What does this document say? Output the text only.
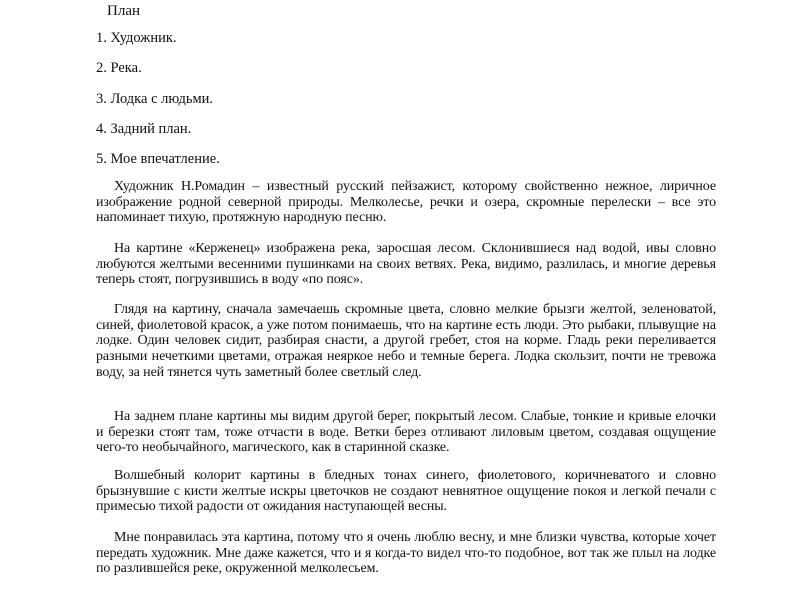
План

1. Художник.

2. Река.

3. Лодка с людьми.

4. Задний план.

5. Мое впечатление.

Художник Н.Ромадин – известный русский пейзажист, которому свойственно нежное, лиричное изображение родной северной природы. Мелколесье, речки и озера, скромные перелески – все это напоминает тихую, протяжную народную песню.

На картине «Керженец» изображена река, заросшая лесом. Склонившиеся над водой, ивы словно любуются желтыми весенними пушинками на своих ветвях. Река, видимо, разлилась, и многие деревья теперь стоят, погрузившись в воду «по пояс».

Глядя на картину, сначала замечаешь скромные цвета, словно мелкие брызги желтой, зеленоватой, синей, фиолетовой красок, а уже потом понимаешь, что на картине есть люди. Это рыбаки, плывущие на лодке. Один человек сидит, разбирая снасти, а другой гребет, стоя на корме. Гладь реки переливается разными нечеткими цветами, отражая неяркое небо и темные берега. Лодка скользит, почти не тревожа воду, за ней тянется чуть заметный более светлый след.

На заднем плане картины мы видим другой берег, покрытый лесом. Слабые, тонкие и кривые елочки и березки стоят там, тоже отчасти в воде. Ветки берез отливают лиловым цветом, создавая ощущение чего-то необычайного, магического, как в старинной сказке.

Волшебный колорит картины в бледных тонах синего, фиолетового, коричневатого и словно брызнувшие с кисти желтые искры цветочков не создают невнятное ощущение покоя и легкой печали с примесью тихой радости от ожидания наступающей весны.

Мне понравилась эта картина, потому что я очень люблю весну, и мне близки чувства, которые хочет передать художник. Мне даже кажется, что и я когда-то видел что-то подобное, вот так же плыл на лодке по разлившейся реке, окруженной мелколесьем.
